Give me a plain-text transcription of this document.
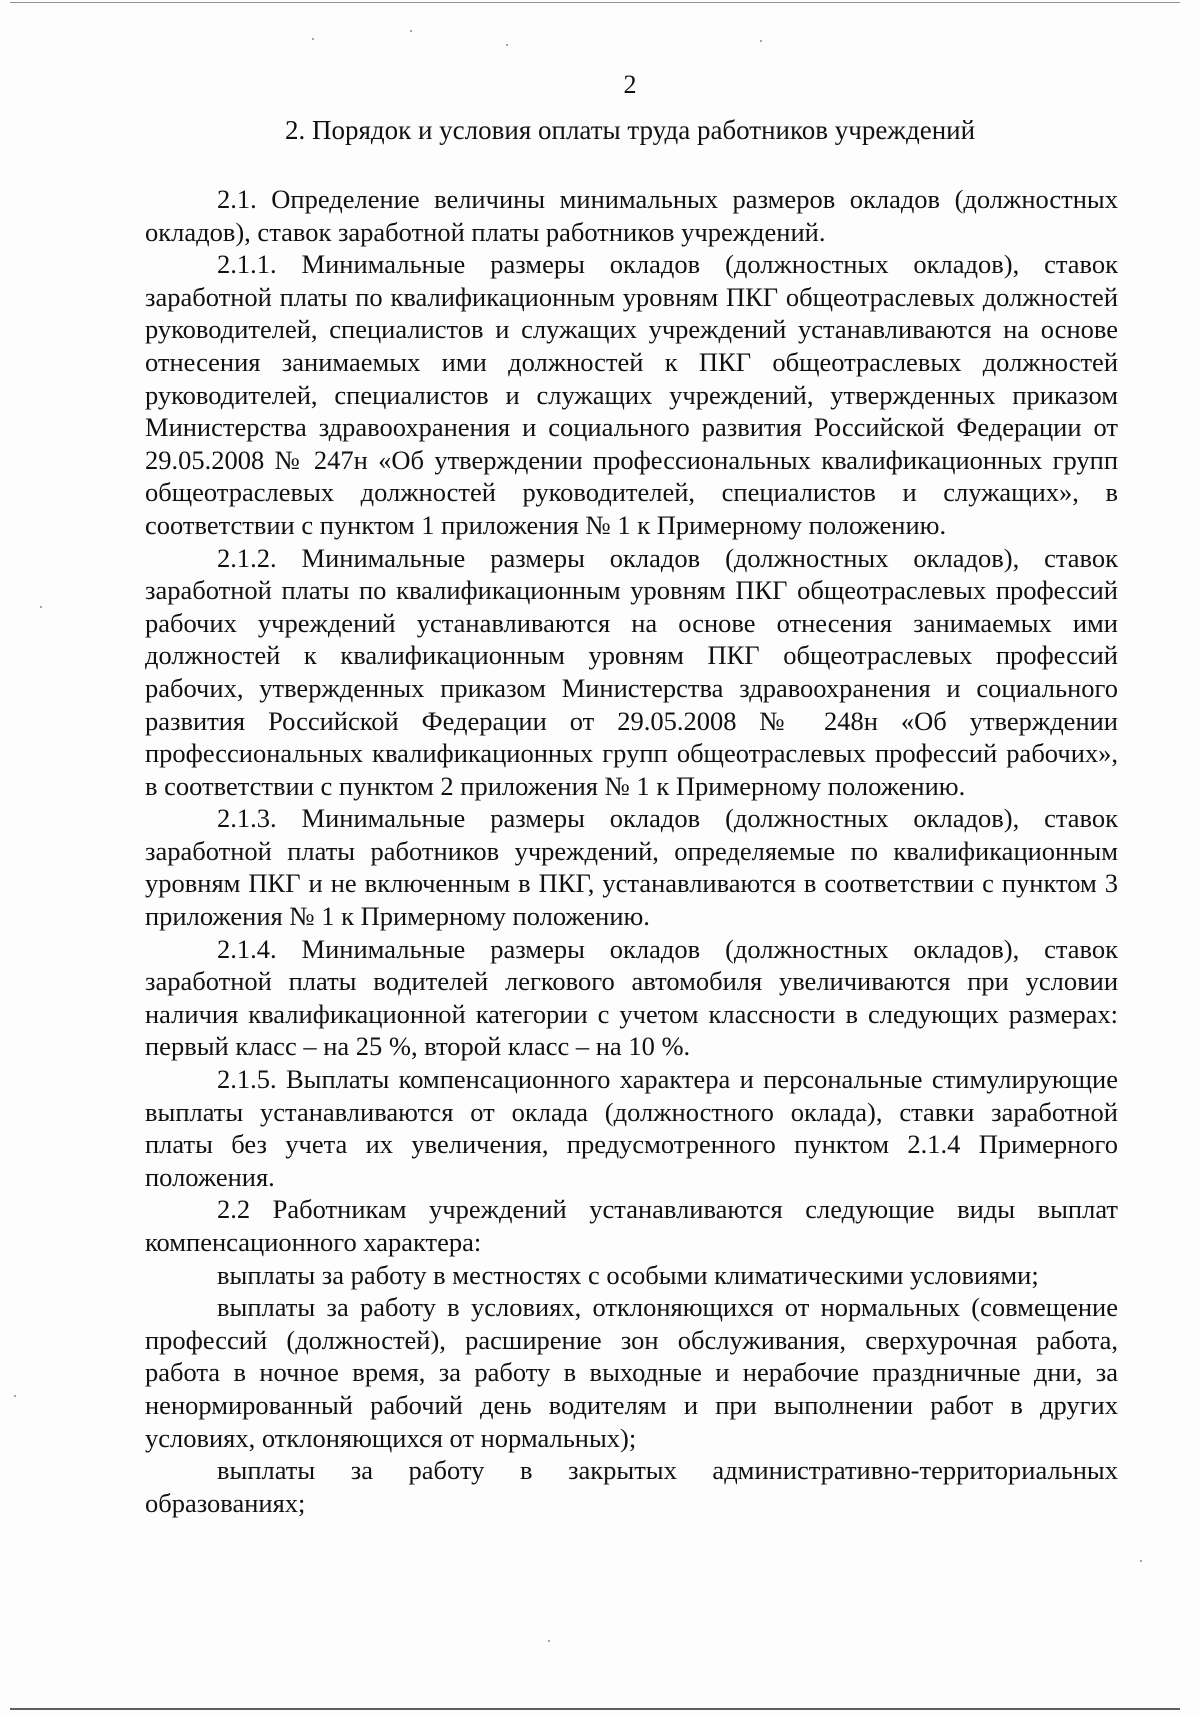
2
2. Порядок и условия оплаты труда работников учреждений

2.1. Определение величины минимальных размеров окладов (должностных окладов), ставок заработной платы работников учреждений.

2.1.1. Минимальные размеры окладов (должностных окладов), ставок заработной платы по квалификационным уровням ПКГ общеотраслевых должностей руководителей, специалистов и служащих учреждений устанавливаются на основе отнесения занимаемых ими должностей к ПКГ общеотраслевых должностей руководителей, специалистов и служащих учреждений, утвержденных приказом Министерства здравоохранения и социального развития Российской Федерации от 29.05.2008 № 247н «Об утверждении профессиональных квалификационных групп общеотраслевых должностей руководителей, специалистов и служащих», в соответствии с пунктом 1 приложения № 1 к Примерному положению.

2.1.2. Минимальные размеры окладов (должностных окладов), ставок заработной платы по квалификационным уровням ПКГ общеотраслевых профессий рабочих учреждений устанавливаются на основе отнесения занимаемых ими должностей к квалификационным уровням ПКГ общеотраслевых профессий рабочих, утвержденных приказом Министерства здравоохранения и социального развития Российской Федерации от 29.05.2008 № 248н «Об утверждении профессиональных квалификационных групп общеотраслевых профессий рабочих», в соответствии с пунктом 2 приложения № 1 к Примерному положению.

2.1.3. Минимальные размеры окладов (должностных окладов), ставок заработной платы работников учреждений, определяемые по квалификационным уровням ПКГ и не включенным в ПКГ, устанавливаются в соответствии с пунктом 3 приложения № 1 к Примерному положению.

2.1.4. Минимальные размеры окладов (должностных окладов), ставок заработной платы водителей легкового автомобиля увеличиваются при условии наличия квалификационной категории с учетом классности в следующих размерах: первый класс – на 25 %, второй класс – на 10 %.

2.1.5. Выплаты компенсационного характера и персональные стимулирующие выплаты устанавливаются от оклада (должностного оклада), ставки заработной платы без учета их увеличения, предусмотренного пунктом 2.1.4 Примерного положения.

2.2 Работникам учреждений устанавливаются следующие виды выплат компенсационного характера:

выплаты за работу в местностях с особыми климатическими условиями;

выплаты за работу в условиях, отклоняющихся от нормальных (совмещение профессий (должностей), расширение зон обслуживания, сверхурочная работа, работа в ночное время, за работу в выходные и нерабочие праздничные дни, за ненормированный рабочий день водителям и при выполнении работ в других условиях, отклоняющихся от нормальных);

выплаты за работу в закрытых административно-территориальных образованиях;
